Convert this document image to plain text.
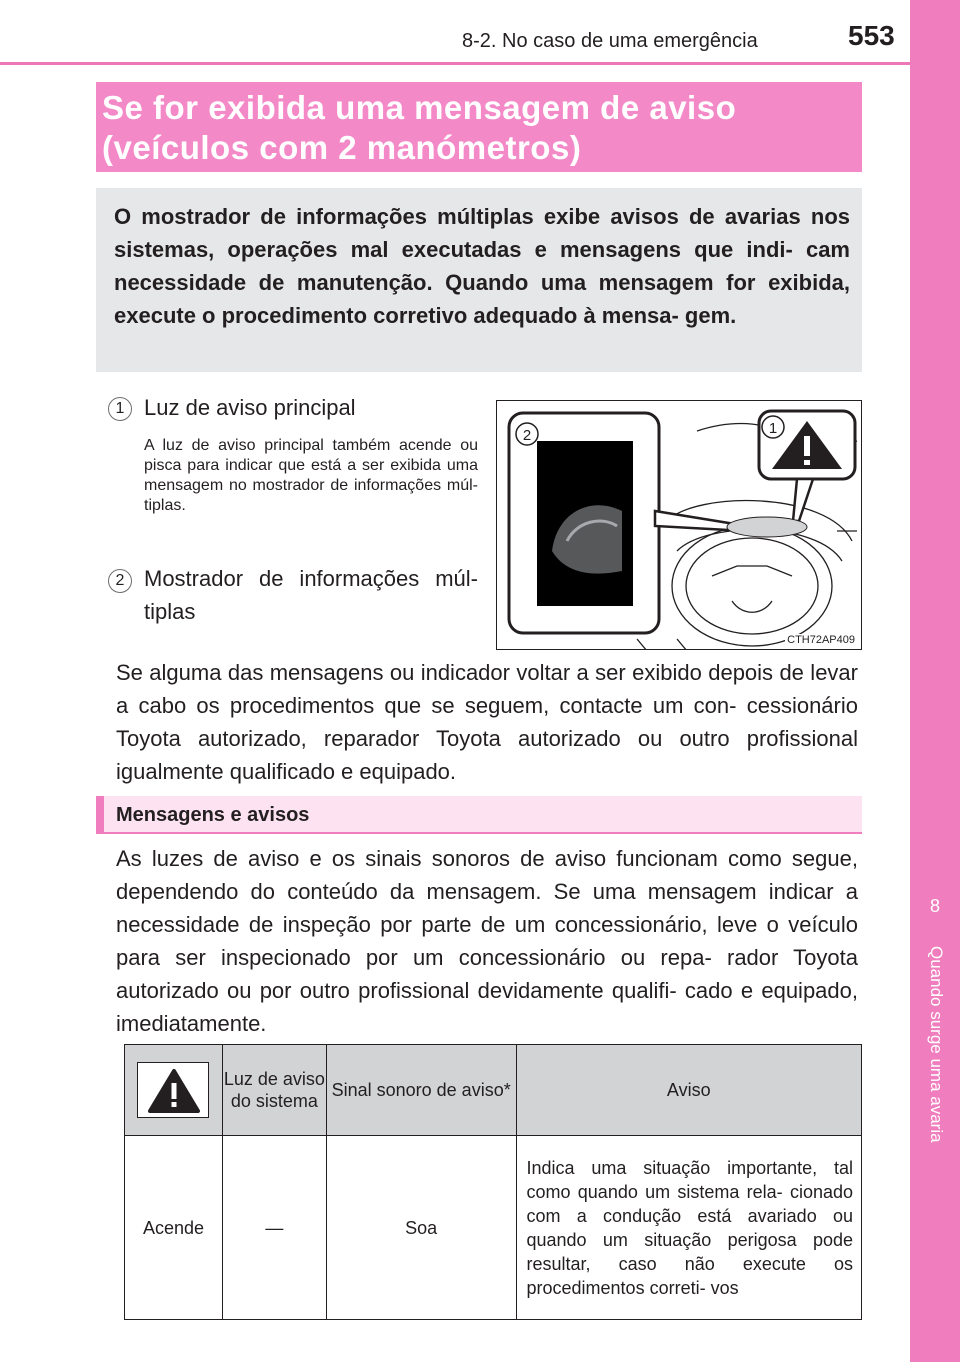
8-2. No caso de uma emergência	553
8
Quando surge uma avaria
Se for exibida uma mensagem de aviso
(veículos com 2 manómetros)

O mostrador de informações múltiplas exibe avisos de avarias nos sistemas, operações mal executadas e mensagens que indi- cam necessidade de manutenção. Quando uma mensagem for exibida, execute o procedimento corretivo adequado à mensa- gem.

1 Luz de aviso principal
A luz de aviso principal também acende ou pisca para indicar que está a ser exibida uma mensagem no mostrador de informações múl- tiplas.
2 Mostrador de informações múl-
tiplas
2	1
CTH72AP409

Se alguma das mensagens ou indicador voltar a ser exibido depois de levar a cabo os procedimentos que se seguem, contacte um con- cessionário Toyota autorizado, reparador Toyota autorizado ou outro profissional igualmente qualificado e equipado.

Mensagens e avisos

As luzes de aviso e os sinais sonoros de aviso funcionam como segue, dependendo do conteúdo da mensagem. Se uma mensagem indicar a necessidade de inspeção por parte de um concessionário, leve o veículo para ser inspecionado por um concessionário ou repa- rador Toyota autorizado ou por outro profissional devidamente qualifi- cado e equipado, imediatamente.

	Luz de aviso do sistema	Sinal sonoro de aviso*	Aviso
Acende	—	Soa	Indica uma situação importante, tal como quando um sistema rela- cionado com a condução está avariado ou quando um situação perigosa pode resultar, caso não execute os procedimentos correti- vos
